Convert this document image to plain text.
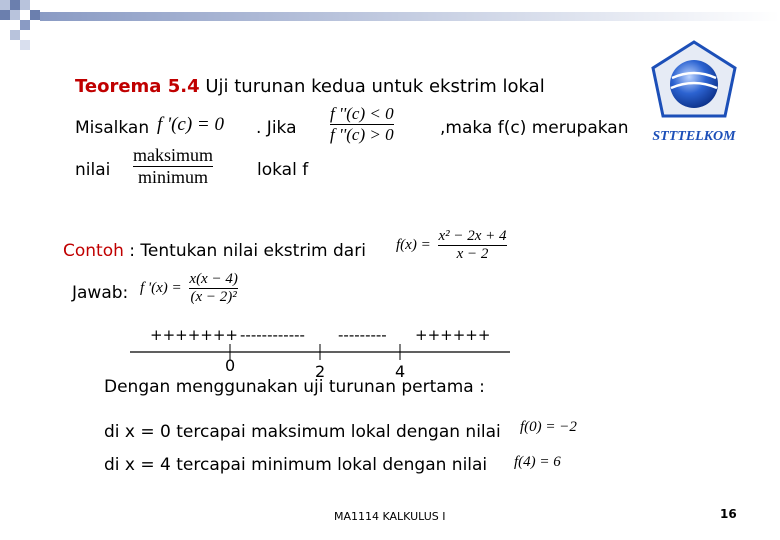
STTTELKOM
Teorema 5.4 Uji turunan kedua untuk ekstrim lokal
Misalkan f '(c) = 0 . Jika $\frac{f ''(c) < 0}{f ''(c) > 0}$	,maka f(c) merupakan
nilai $\frac{\text{maksimum}}{\text{minimum}}$	lokal f
Contoh : Tentukan nilai ekstrim dari $f(x) = \frac{\text{x² − 2x + 4}}{x - 2}$
Jawab: f '$(x) = \frac{x(x - 4)}{\text{(x − 2)²}}$
+++++++ ------------ --------- ++++++
0	2	4
Dengan menggunakan uji turunan pertama :
di x = 0 tercapai maksimum lokal dengan nilai f(0) = −2
di x = 4 tercapai minimum lokal dengan nilai f(4) = 6
MA1114 KALKULUS I	16
